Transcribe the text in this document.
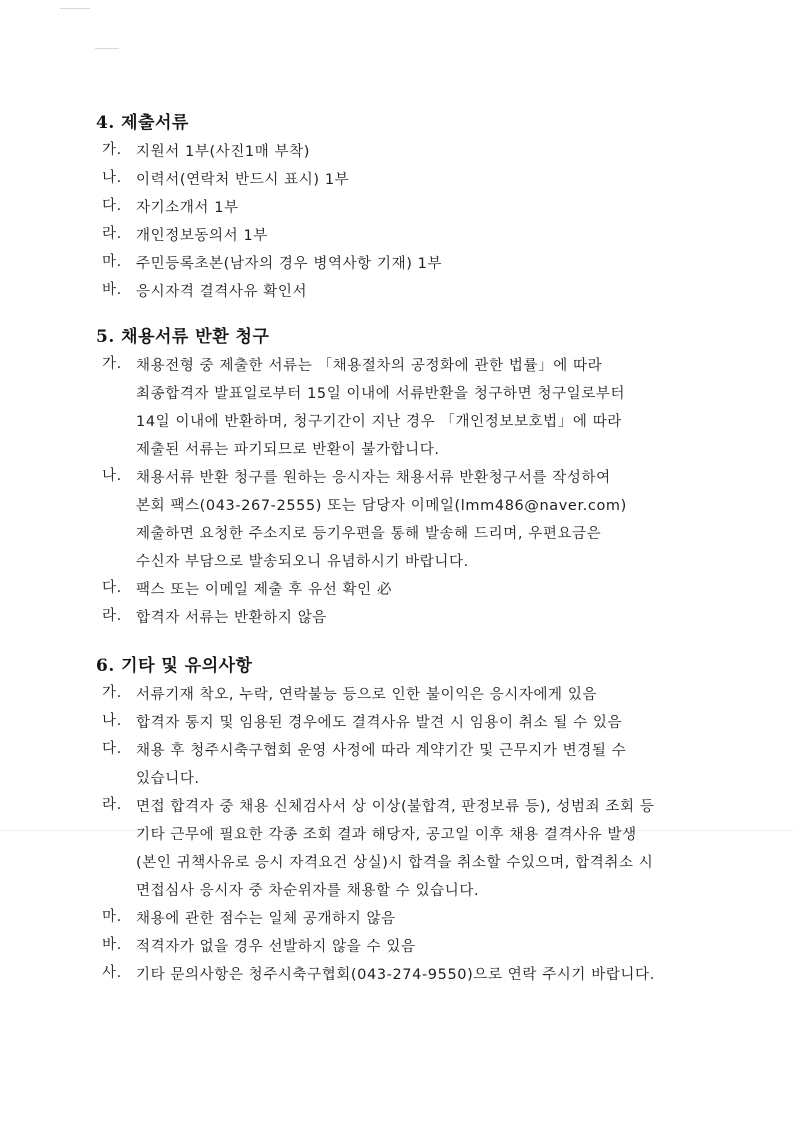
4. 제출서류
가. 지원서 1부(사진1매 부착)
나. 이력서(연락처 반드시 표시) 1부
다. 자기소개서 1부
라. 개인정보동의서 1부
마. 주민등록초본(남자의 경우 병역사항 기재) 1부
바. 응시자격 결격사유 확인서
5. 채용서류 반환 청구
가. 채용전형 중 제출한 서류는 「채용절차의 공정화에 관한 법률」에 따라
최종합격자 발표일로부터 15일 이내에 서류반환을 청구하면 청구일로부터
14일 이내에 반환하며, 청구기간이 지난 경우 「개인정보보호법」에 따라
제출된 서류는 파기되므로 반환이 불가합니다.
나. 채용서류 반환 청구를 원하는 응시자는 채용서류 반환청구서를 작성하여
본회 팩스(043-267-2555) 또는 담당자 이메일(lmm486@naver.com)
제출하면 요청한 주소지로 등기우편을 통해 발송해 드리며, 우편요금은
수신자 부담으로 발송되오니 유념하시기 바랍니다.
다. 팩스 또는 이메일 제출 후 유선 확인 必
라. 합격자 서류는 반환하지 않음
6. 기타 및 유의사항
가. 서류기재 착오, 누락, 연락불능 등으로 인한 불이익은 응시자에게 있음
나. 합격자 통지 및 임용된 경우에도 결격사유 발견 시 임용이 취소 될 수 있음
다. 채용 후 청주시축구협회 운영 사정에 따라 계약기간 및 근무지가 변경될 수
있습니다.
라. 면접 합격자 중 채용 신체검사서 상 이상(불합격, 판정보류 등), 성범죄 조회 등
기타 근무에 필요한 각종 조회 결과 해당자, 공고일 이후 채용 결격사유 발생
(본인 귀책사유로 응시 자격요건 상실)시 합격을 취소할 수있으며, 합격취소 시
면접심사 응시자 중 차순위자를 채용할 수 있습니다.
마. 채용에 관한 점수는 일체 공개하지 않음
바. 적격자가 없을 경우 선발하지 않을 수 있음
사. 기타 문의사항은 청주시축구협회(043-274-9550)으로 연락 주시기 바랍니다.
